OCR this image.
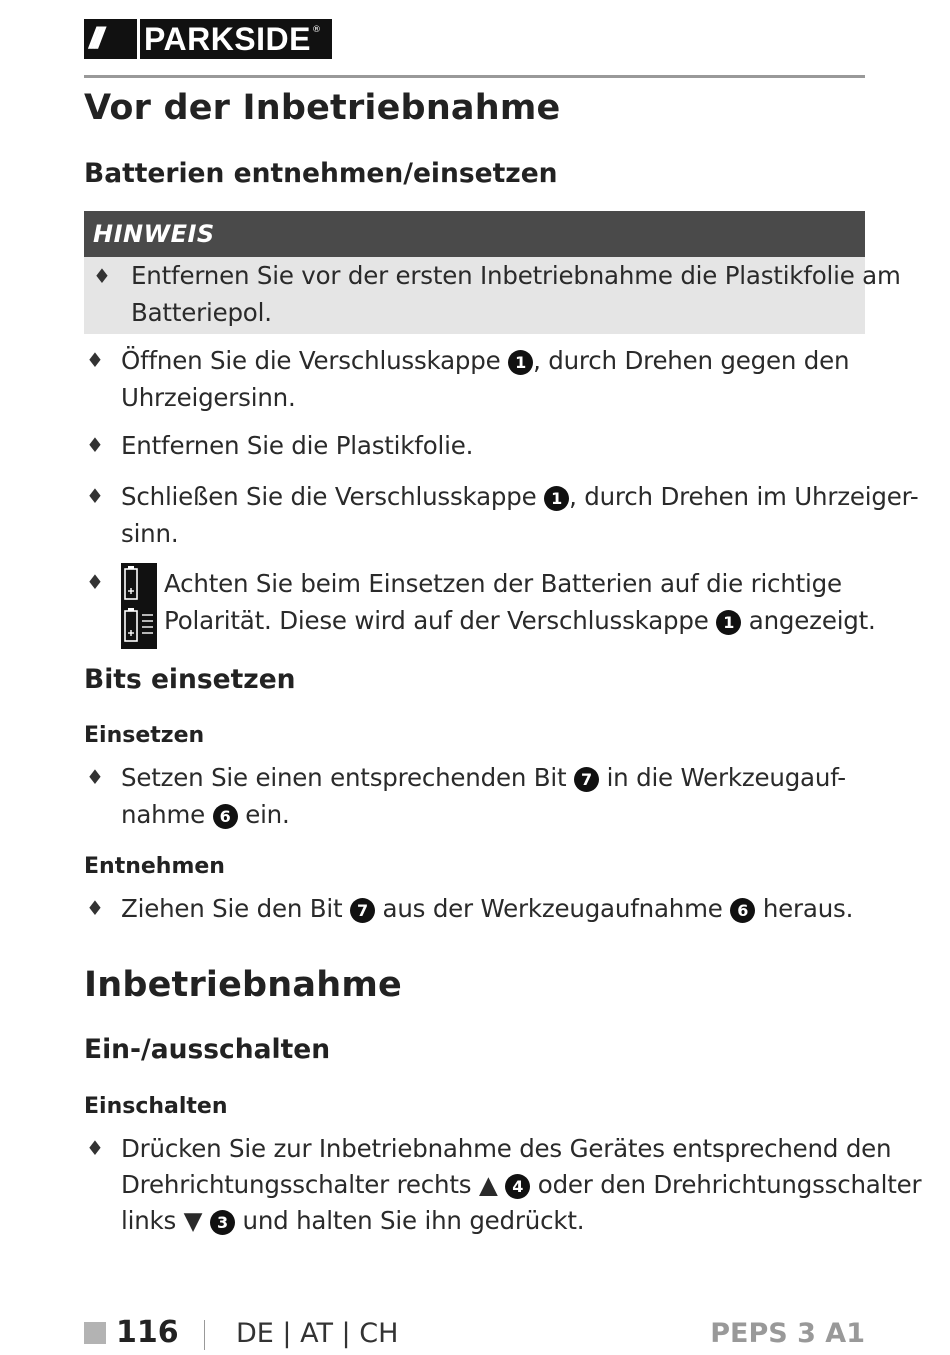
///	PARKSIDE ®
Vor der Inbetriebnahme
Batterien entnehmen/einsetzen
HINWEIS
♦ Entfernen Sie vor der ersten Inbetriebnahme die Plastikfolie am
Batteriepol.
♦ Öffnen Sie die Verschlusskappe 1 , durch Drehen gegen den
Uhrzeigersinn.
♦ Entfernen Sie die Plastikfolie.
♦ Schließen Sie die Verschlusskappe 1 , durch Drehen im Uhrzeiger-
sinn.
♦ Achten Sie beim Einsetzen der Batterien auf die richtige
Polarität. Diese wird auf der Verschlusskappe 1 angezeigt.
Bits einsetzen
Einsetzen
♦ Setzen Sie einen entsprechenden Bit 7 in die Werkzeugauf-
nahme 6 ein.
Entnehmen
♦ Ziehen Sie den Bit 7 aus der Werkzeugaufnahme 6 heraus.
Inbetriebnahme
Ein-/ausschalten
Einschalten
♦ Drücken Sie zur Inbetriebnahme des Gerätes entsprechend den
Drehrichtungsschalter rechts ▲ 4 oder den Drehrichtungsschalter
links ▼ 3 und halten Sie ihn gedrückt.
116 DE | AT | CH	PEPS 3 A1
